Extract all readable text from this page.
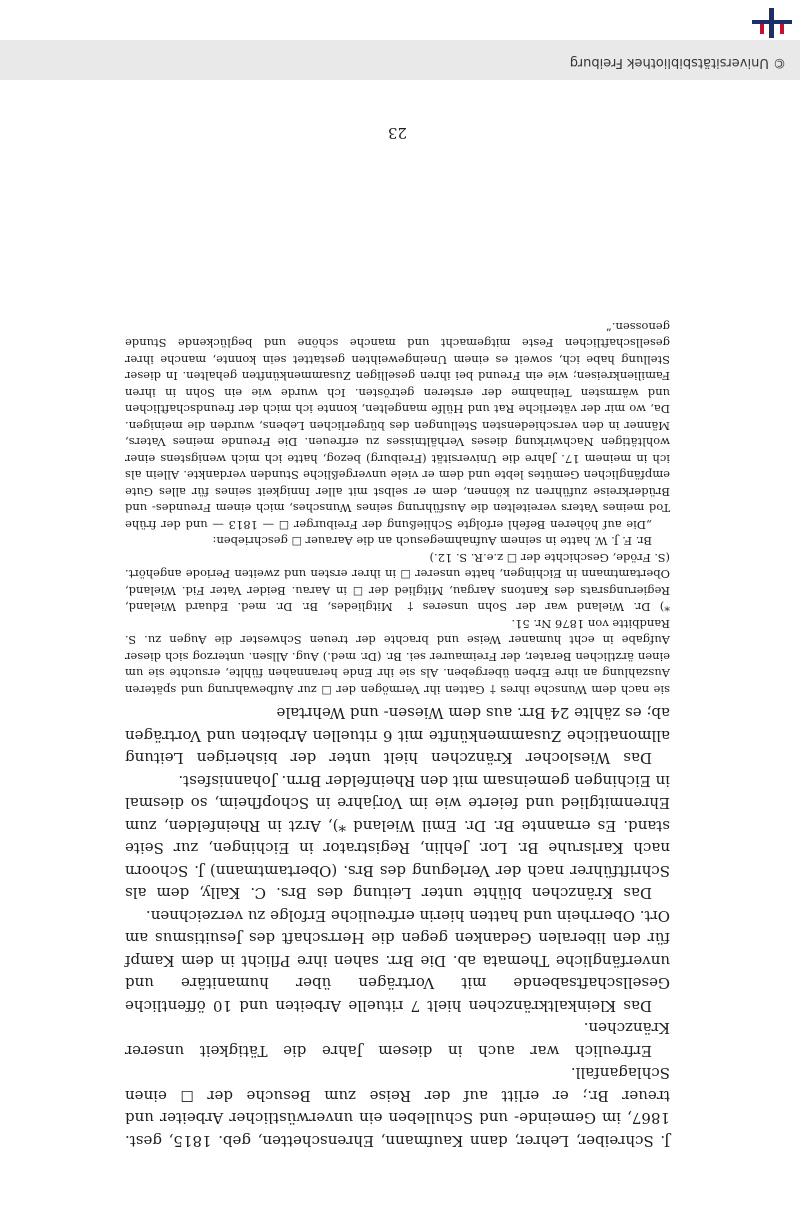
J. Schreiber, Lehrer, dann Kaufmann, Ehrenschetten, geb. 1815, gest. 1867, im Gemeinde- und Schulleben ein unverwüstlicher Arbeiter und treuer Br.; er erlitt auf der Reise zum Besuche der ☐ einen Schlaganfall.

Erfreulich war auch in diesem Jahre die Tätigkeit unserer Kränzchen.

Das Kleinkaltkränzchen hielt 7 rituelle Arbeiten und 10 öffentliche Gesellschaftsabende mit Vorträgen über humanitäre und unverfängliche Themata ab. Die Brr. sahen ihre Pflicht in dem Kampf für den liberalen Gedanken gegen die Herrschaft des Jesuitismus am Ort. Oberrhein und hatten hierin erfreuliche Erfolge zu verzeichnen.

Das Kränzchen blühte unter Leitung des Brs. C. Kally, dem als Schriftführer nach der Verlegung des Brs. (Obertamtmann) J. Schoorn nach Karlsruhe Br. Lor. Jehlin, Registrator in Eichingen, zur Seite stand. Es ernannte Br. Dr. Emil Wieland *), Arzt in Rheinfelden, zum Ehrenmitglied und feierte wie im Vorjahre in Schopfheim, so diesmal in Eichingen gemeinsam mit den Rheinfelder Brrn. Johannisfest.

Das Wieslocher Kränzchen hielt unter der bisherigen Leitung allmonatliche Zusammenkünfte mit 6 rituellen Arbeiten und Vorträgen ab; es zählte 24 Brr. aus dem Wiesen- und Wehrtale

sie nach dem Wunsche ihres † Gatten ihr Vermögen der ☐ zur Aufbewahrung und späteren Auszahlung an ihre Erben übergeben. Als sie ihr Ende herannahen fühlte, ersuchte sie um einen ärztlichen Berater, der Freimaurer sei. Br. (Dr. med.) Aug. Allsen. unterzog sich dieser Aufgabe in echt humaner Weise und brachte der treuen Schwester die Augen zu. S. Randbitte von 1876 Nr. 51.

*) Dr. Wieland war der Sohn unseres † Mitgliedes, Br. Dr. med. Eduard Wieland, Regierungsrats des Kantons Aargau, Mitglied der ☐ in Aarau. Beider Vater Fid. Wieland, Obertamtmann in Eichingen, hatte unserer ☐ in ihrer ersten und zweiten Periode angehört. (S. Fröde, Geschichte der ☐ z.e.R. S. 12.)

Br. F. J. W. hatte in seinem Aufnahmegesuch an die Aarauer ☐ geschrieben:

„Die auf höheren Befehl erfolgte Schließung der Freiburger ☐ — 1813 — und der frühe Tod meines Vaters vereitelten die Ausführung seines Wunsches, mich einem Freundes- und Brüderkreise zuführen zu können, dem er selbst mit aller Innigkeit seines für alles Gute empfänglichen Gemütes lebte und dem er viele unvergeßliche Stunden verdankte. Allein als ich in meinem 17. Jahre die Universität (Freiburg) bezog, hatte ich mich wenigstens einer wohltätigen Nachwirkung dieses Verhältnisses zu erfreuen. Die Freunde meines Vaters, Männer in den verschiedensten Stellungen des bürgerlichen Lebens, wurden die meinigen. Da, wo mir der väterliche Rat und Hülfe mangelten, konnte ich mich der freundschaftlichen und wärmsten Teilnahme der ersteren getrösten. Ich wurde wie ein Sohn in ihren Familienkreisen; wie ein Freund bei ihren geselligen Zusammenkünften gehalten. In dieser Stellung habe ich, soweit es einem Uneingeweihten gestattet sein konnte, manche ihrer gesellschaftlichen Feste mitgemacht und manche schöne und beglückende Stunde genossen.“

23
© Universitätsbibliothek Freiburg
